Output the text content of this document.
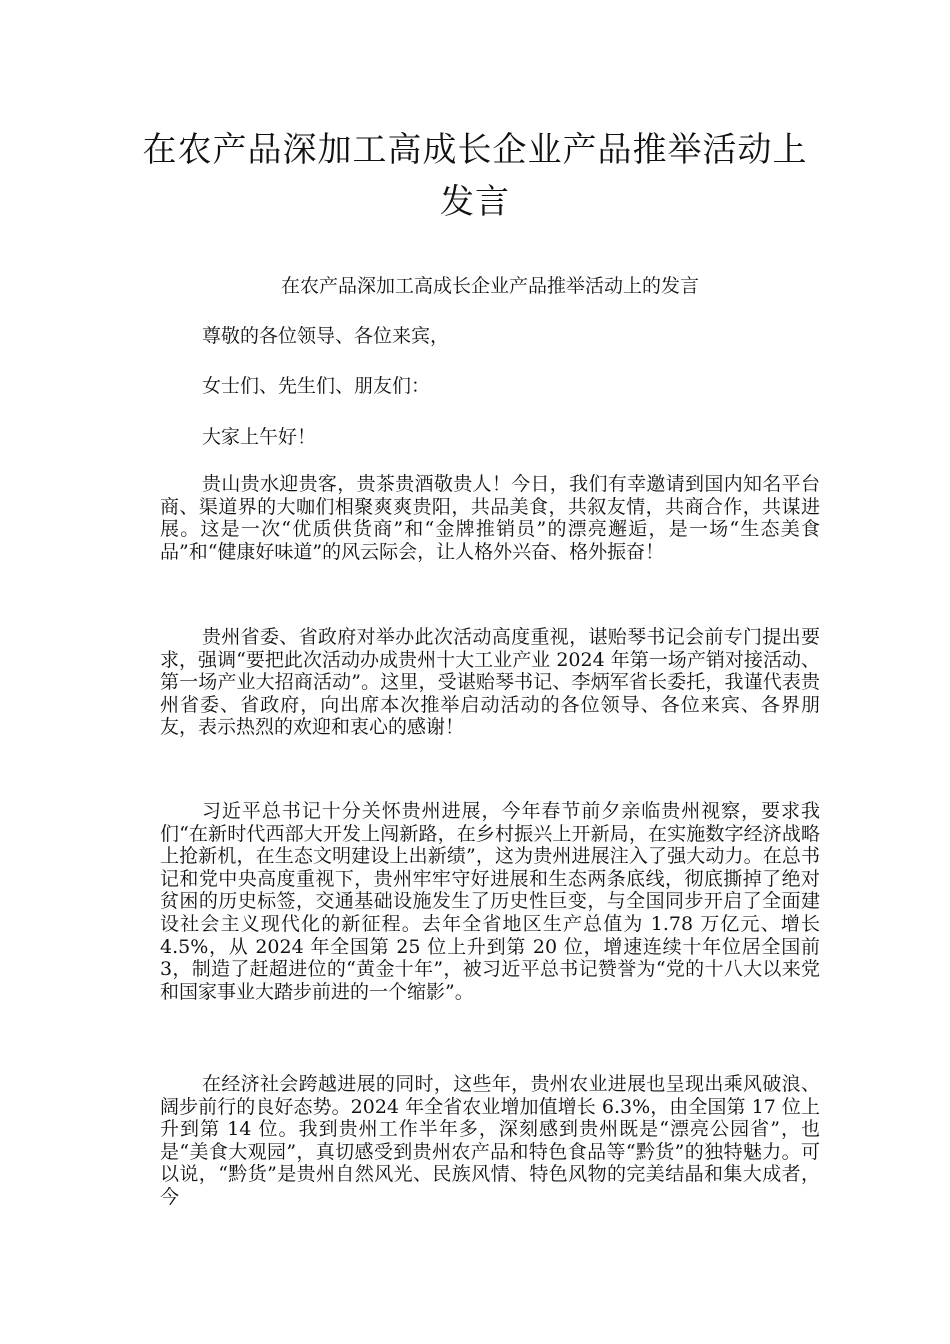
在农产品深加工高成长企业产品推举活动上发言

在农产品深加工高成长企业产品推举活动上的发言

尊敬的各位领导、各位来宾，

女士们、先生们、朋友们：

大家上午好！

贵山贵水迎贵客，贵茶贵酒敬贵人！今日，我们有幸邀请到国内知名平台商、渠道界的大咖们相聚爽爽贵阳，共品美食，共叙友情，共商合作，共谋进展。这是一次“优质供货商”和“金牌推销员”的漂亮邂逅，是一场“生态美食品”和“健康好味道”的风云际会，让人格外兴奋、格外振奋！

贵州省委、省政府对举办此次活动高度重视，谌贻琴书记会前专门提出要求，强调“要把此次活动办成贵州十大工业产业 2024 年第一场产销对接活动、第一场产业大招商活动”。这里，受谌贻琴书记、李炳军省长委托，我谨代表贵州省委、省政府，向出席本次推举启动活动的各位领导、各位来宾、各界朋友，表示热烈的欢迎和衷心的感谢！

习近平总书记十分关怀贵州进展，今年春节前夕亲临贵州视察，要求我们“在新时代西部大开发上闯新路，在乡村振兴上开新局，在实施数字经济战略上抢新机，在生态文明建设上出新绩”，这为贵州进展注入了强大动力。在总书记和党中央高度重视下，贵州牢牢守好进展和生态两条底线，彻底撕掉了绝对贫困的历史标签，交通基础设施发生了历史性巨变，与全国同步开启了全面建设社会主义现代化的新征程。去年全省地区生产总值为 1.78 万亿元、增长 4.5%，从 2024 年全国第 25 位上升到第 20 位，增速连续十年位居全国前 3，制造了赶超进位的“黄金十年”，被习近平总书记赞誉为“党的十八大以来党和国家事业大踏步前进的一个缩影”。

在经济社会跨越进展的同时，这些年，贵州农业进展也呈现出乘风破浪、阔步前行的良好态势。2024 年全省农业增加值增长 6.3%，由全国第 17 位上升到第 14 位。我到贵州工作半年多，深刻感到贵州既是“漂亮公园省”，也是“美食大观园”，真切感受到贵州农产品和特色食品等“黔货”的独特魅力。可以说，“黔货”是贵州自然风光、民族风情、特色风物的完美结晶和集大成者，今
